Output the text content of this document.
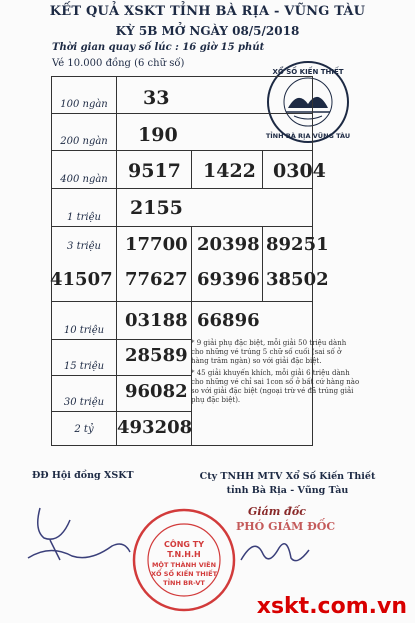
KẾT QUẢ XSKT TỈNH BÀ RỊA - VŨNG TÀU
KỲ 5B MỞ NGÀY 08/5/2018
Thời gian quay số lúc : 16 giờ 15 phút
Vé 10.000 đồng (6 chữ số)
XỔ SỐ KIẾN THIẾT
TỈNH BÀ RỊA VŨNG TÀU
100 ngàn
200 ngàn
400 ngàn
1 triệu
3 triệu
10 triệu
15 triệu
30 triệu
2 tỷ
33
190
9517 1422 0304
2155
17700 20398 89251
41507 77627 69396 38502
03188 66896
28589
96082
493208
* 9 giải phụ đặc biệt, mỗi giải 50 triệu dành cho những vé trúng 5 chữ số cuối (sai số ở hàng trăm ngàn) so với giải đặc biệt.
* 45 giải khuyến khích, mỗi giải 6 triệu dành cho những vé chỉ sai 1con số ở bất cứ hàng nào so với giải đặc biệt (ngoại trừ vé đã trúng giải phụ đặc biệt).
ĐĐ Hội đồng XSKT	Cty TNHH MTV Xổ Số Kiến Thiết
tỉnh Bà Rịa - Vũng Tàu
Giám đốc
PHÓ GIÁM ĐỐC
CÔNG TY
T.N.H.H
MỘT THÀNH VIÊN
XỔ SỐ KIẾN THIẾT
TỈNH BR-VT
xskt.com.vn
